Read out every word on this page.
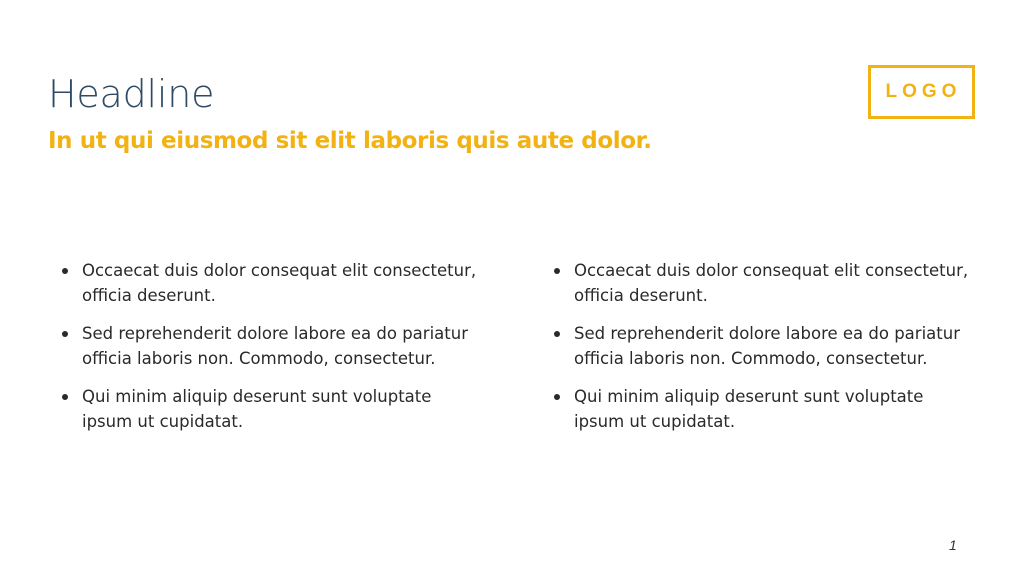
Headline
In ut qui eiusmod sit elit laboris quis aute dolor.
LOGO
Occaecat duis dolor consequat elit consectetur, officia deserunt.
Sed reprehenderit dolore labore ea do pariatur officia laboris non. Commodo, consectetur.
Qui minim aliquip deserunt sunt voluptate ipsum ut cupidatat.
Occaecat duis dolor consequat elit consectetur, officia deserunt.
Sed reprehenderit dolore labore ea do pariatur officia laboris non. Commodo, consectetur.
Qui minim aliquip deserunt sunt voluptate ipsum ut cupidatat.
1
